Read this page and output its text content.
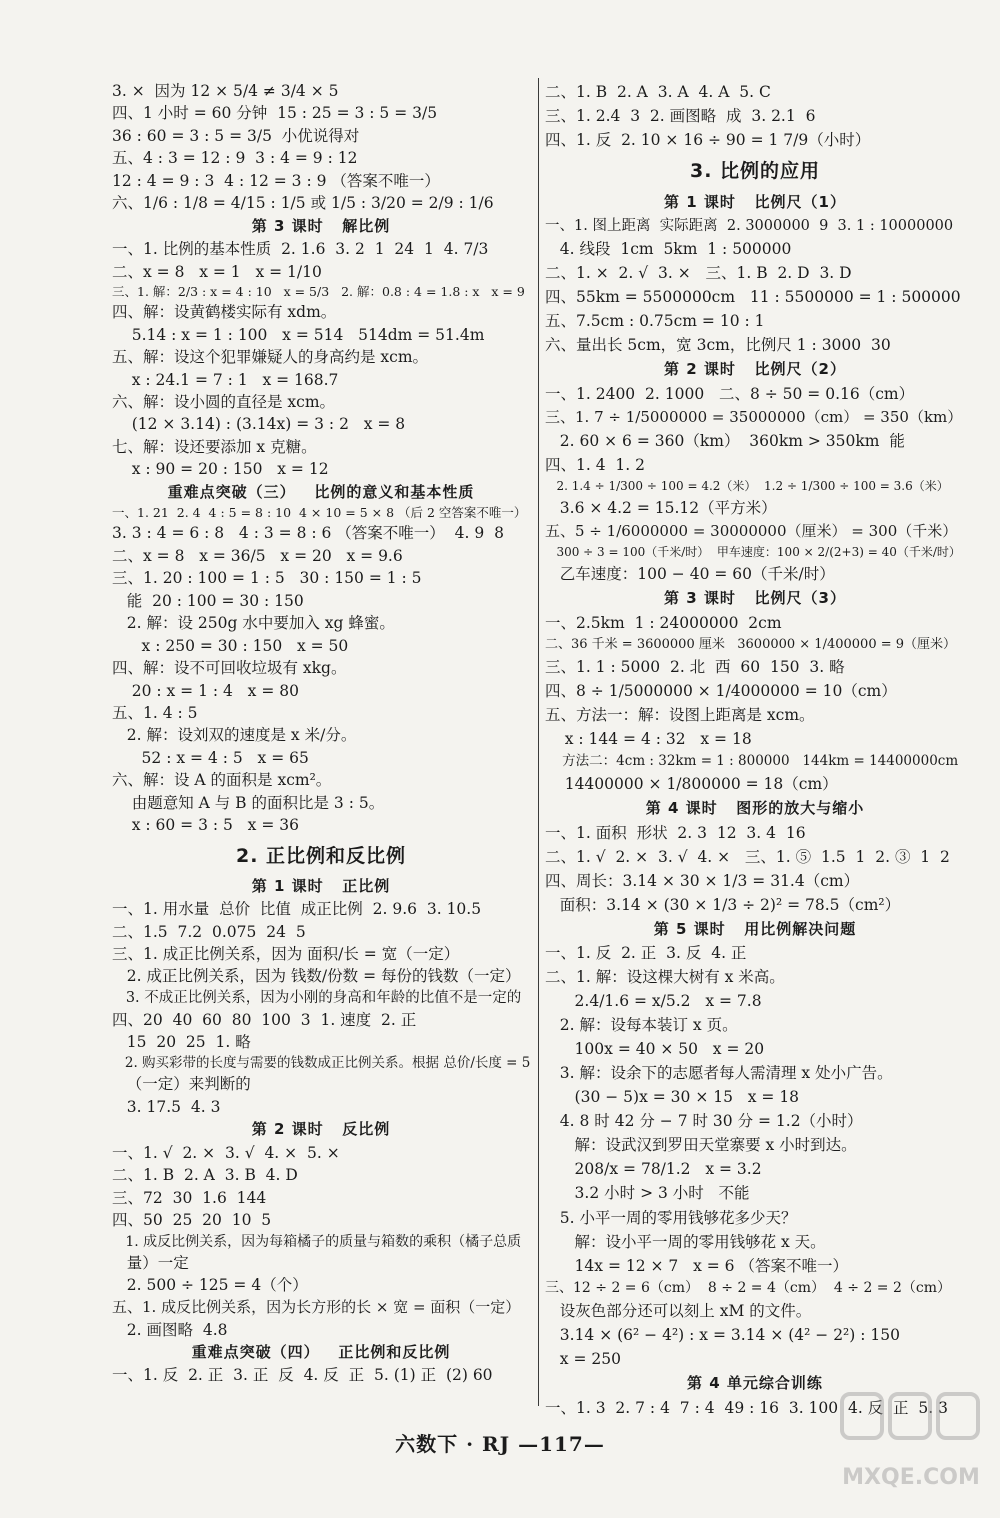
3. ×  因为 12 × 5/4 ≠ 3/4 × 5
四、1 小时 = 60 分钟  15 : 25 = 3 : 5 = 3/5
36 : 60 = 3 : 5 = 3/5  小优说得对
五、4 : 3 = 12 : 9  3 : 4 = 9 : 12
12 : 4 = 9 : 3  4 : 12 = 3 : 9 （答案不唯一）
六、1/6 : 1/8 = 4/15 : 1/5 或 1/5 : 3/20 = 2/9 : 1/6
第 3 课时   解比例
一、1. 比例的基本性质  2. 1.6  3. 2  1  24  1  4. 7/3
二、x = 8   x = 1   x = 1/10
三、1. 解：2/3 : x = 4 : 10   x = 5/3   2. 解：0.8 : 4 = 1.8 : x   x = 9
四、解：设黄鹤楼实际有 xdm。
5.14 : x = 1 : 100   x = 514   514dm = 51.4m
五、解：设这个犯罪嫌疑人的身高约是 xcm。
x : 24.1 = 7 : 1   x = 168.7
六、解：设小圆的直径是 xcm。
(12 × 3.14) : (3.14x) = 3 : 2   x = 8
七、解：设还要添加 x 克糖。
x : 90 = 20 : 150   x = 12
重难点突破（三）   比例的意义和基本性质
一、1. 21  2. 4  4 : 5 = 8 : 10  4 × 10 = 5 × 8 （后 2 空答案不唯一）
3. 3 : 4 = 6 : 8   4 : 3 = 8 : 6 （答案不唯一）  4. 9  8
二、x = 8   x = 36/5   x = 20   x = 9.6
三、1. 20 : 100 = 1 : 5   30 : 150 = 1 : 5
能  20 : 100 = 30 : 150
2. 解：设 250g 水中要加入 xg 蜂蜜。
x : 250 = 30 : 150   x = 50
四、解：设不可回收垃圾有 xkg。
20 : x = 1 : 4   x = 80
五、1. 4 : 5
2. 解：设刘双的速度是 x 米/分。
52 : x = 4 : 5   x = 65
六、解：设 A 的面积是 xcm²。
由题意知 A 与 B 的面积比是 3 : 5。
x : 60 = 3 : 5   x = 36
2. 正比例和反比例
第 1 课时   正比例
一、1. 用水量  总价  比值  成正比例  2. 9.6  3. 10.5
二、1.5  7.2  0.075  24  5
三、1. 成正比例关系，因为 面积/长 = 宽（一定）
2. 成正比例关系，因为 钱数/份数 = 每份的钱数（一定）
3. 不成正比例关系，因为小刚的身高和年龄的比值不是一定的
四、20  40  60  80  100  3  1. 速度  2. 正
15  20  25  1. 略
2. 购买彩带的长度与需要的钱数成正比例关系。根据 总价/长度 = 5
（一定）来判断的
3. 17.5  4. 3
第 2 课时   反比例
一、1. √  2. ×  3. √  4. ×  5. ×
二、1. B  2. A  3. B  4. D
三、72  30  1.6  144
四、50  25  20  10  5
1. 成反比例关系，因为每箱橘子的质量与箱数的乘积（橘子总质
量）一定
2. 500 ÷ 125 = 4（个）
五、1. 成反比例关系，因为长方形的长 × 宽 = 面积（一定）
2. 画图略  4.8
重难点突破（四）   正比例和反比例
一、1. 反  2. 正  3. 正  反  4. 反  正  5. (1) 正  (2) 60
二、1. B  2. A  3. A  4. A  5. C
三、1. 2.4  3  2. 画图略  成  3. 2.1  6
四、1. 反  2. 10 × 16 ÷ 90 = 1 7/9（小时）
3. 比例的应用
第 1 课时   比例尺（1）
一、1. 图上距离  实际距离  2. 3000000  9  3. 1 : 10000000
4. 线段  1cm  5km  1 : 500000
二、1. ×  2. √  3. ×   三、1. B  2. D  3. D
四、55km = 5500000cm   11 : 5500000 = 1 : 500000
五、7.5cm : 0.75cm = 10 : 1
六、量出长 5cm，宽 3cm，比例尺 1 : 3000  30
第 2 课时   比例尺（2）
一、1. 2400  2. 1000   二、8 ÷ 50 = 0.16（cm）
三、1. 7 ÷ 1/5000000 = 35000000（cm） = 350（km）
2. 60 × 6 = 360（km）  360km > 350km  能
四、1. 4  1. 2
2. 1.4 ÷ 1/300 ÷ 100 = 4.2（米）  1.2 ÷ 1/300 ÷ 100 = 3.6（米）
3.6 × 4.2 = 15.12（平方米）
五、5 ÷ 1/6000000 = 30000000（厘米） = 300（千米）
300 ÷ 3 = 100（千米/时）  甲车速度：100 × 2/(2+3) = 40（千米/时）
乙车速度：100 − 40 = 60（千米/时）
第 3 课时   比例尺（3）
一、2.5km  1 : 24000000  2cm
二、36 千米 = 3600000 厘米   3600000 × 1/400000 = 9（厘米）
三、1. 1 : 5000  2. 北  西  60  150  3. 略
四、8 ÷ 1/5000000 × 1/4000000 = 10（cm）
五、方法一：解：设图上距离是 xcm。
x : 144 = 4 : 32   x = 18
方法二：4cm : 32km = 1 : 800000   144km = 14400000cm
14400000 × 1/800000 = 18（cm）
第 4 课时   图形的放大与缩小
一、1. 面积  形状  2. 3  12  3. 4  16
二、1. √  2. ×  3. √  4. ×   三、1. ⑤  1.5  1  2. ③  1  2
四、周长：3.14 × 30 × 1/3 = 31.4（cm）
面积：3.14 × (30 × 1/3 ÷ 2)² = 78.5（cm²）
第 5 课时   用比例解决问题
一、1. 反  2. 正  3. 反  4. 正
二、1. 解：设这棵大树有 x 米高。
2.4/1.6 = x/5.2   x = 7.8
2. 解：设每本装订 x 页。
100x = 40 × 50   x = 20
3. 解：设余下的志愿者每人需清理 x 处小广告。
(30 − 5)x = 30 × 15   x = 18
4. 8 时 42 分 − 7 时 30 分 = 1.2（小时）
解：设武汉到罗田天堂寨要 x 小时到达。
208/x = 78/1.2   x = 3.2
3.2 小时 > 3 小时   不能
5. 小平一周的零用钱够花多少天？
解：设小平一周的零用钱够花 x 天。
14x = 12 × 7   x = 6 （答案不唯一）
三、12 ÷ 2 = 6（cm）  8 ÷ 2 = 4（cm）  4 ÷ 2 = 2（cm）
设灰色部分还可以刻上 xM 的文件。
3.14 × (6² − 4²) : x = 3.14 × (4² − 2²) : 150
x = 250
第 4 单元综合训练
一、1. 3  2. 7 : 4  7 : 4  49 : 16  3. 100  4. 反  正  5. 3
六数下 · RJ —117—
MXQE.COM
